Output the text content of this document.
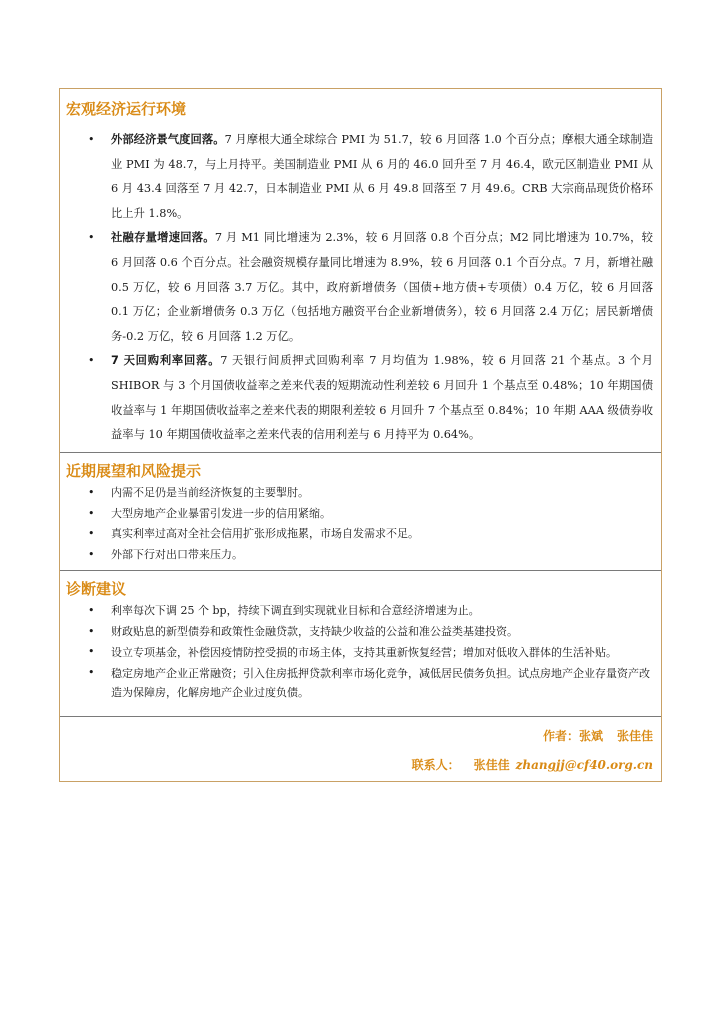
宏观经济运行环境
• 外部经济景气度回落。7 月摩根大通全球综合 PMI 为 51.7，较 6 月回落 1.0 个百分点；摩根大通全球制造业 PMI 为 48.7，与上月持平。美国制造业 PMI 从 6 月的 46.0 回升至 7 月 46.4，欧元区制造业 PMI 从 6 月 43.4 回落至 7 月 42.7，日本制造业 PMI 从 6 月 49.8 回落至 7 月 49.6。CRB 大宗商品现货价格环比上升 1.8%。
• 社融存量增速回落。7 月 M1 同比增速为 2.3%，较 6 月回落 0.8 个百分点；M2 同比增速为 10.7%，较 6 月回落 0.6 个百分点。社会融资规模存量同比增速为 8.9%，较 6 月回落 0.1 个百分点。7 月，新增社融 0.5 万亿，较 6 月回落 3.7 万亿。其中，政府新增债务（国债+地方债+专项债）0.4 万亿，较 6 月回落 0.1 万亿；企业新增债务 0.3 万亿（包括地方融资平台企业新增债务），较 6 月回落 2.4 万亿；居民新增债务-0.2 万亿，较 6 月回落 1.2 万亿。
• 7 天回购利率回落。7 天银行间质押式回购利率 7 月均值为 1.98%，较 6 月回落 21 个基点。3 个月 SHIBOR 与 3 个月国债收益率之差来代表的短期流动性利差较 6 月回升 1 个基点至 0.48%；10 年期国债收益率与 1 年期国债收益率之差来代表的期限利差较 6 月回升 7 个基点至 0.84%；10 年期 AAA 级债券收益率与 10 年期国债收益率之差来代表的信用利差与 6 月持平为 0.64%。
近期展望和风险提示
• 内需不足仍是当前经济恢复的主要掣肘。
• 大型房地产企业暴雷引发进一步的信用紧缩。
• 真实利率过高对全社会信用扩张形成拖累，市场自发需求不足。
• 外部下行对出口带来压力。
诊断建议
• 利率每次下调 25 个 bp，持续下调直到实现就业目标和合意经济增速为止。
• 财政贴息的新型债券和政策性金融贷款，支持缺少收益的公益和准公益类基建投资。
• 设立专项基金，补偿因疫情防控受损的市场主体，支持其重新恢复经营；增加对低收入群体的生活补贴。
• 稳定房地产企业正常融资；引入住房抵押贷款利率市场化竞争，减低居民债务负担。试点房地产企业存量资产改造为保障房，化解房地产企业过度负债。
作者：张斌 张佳佳
联系人： 张佳佳 zhangjj@cf40.org.cn
